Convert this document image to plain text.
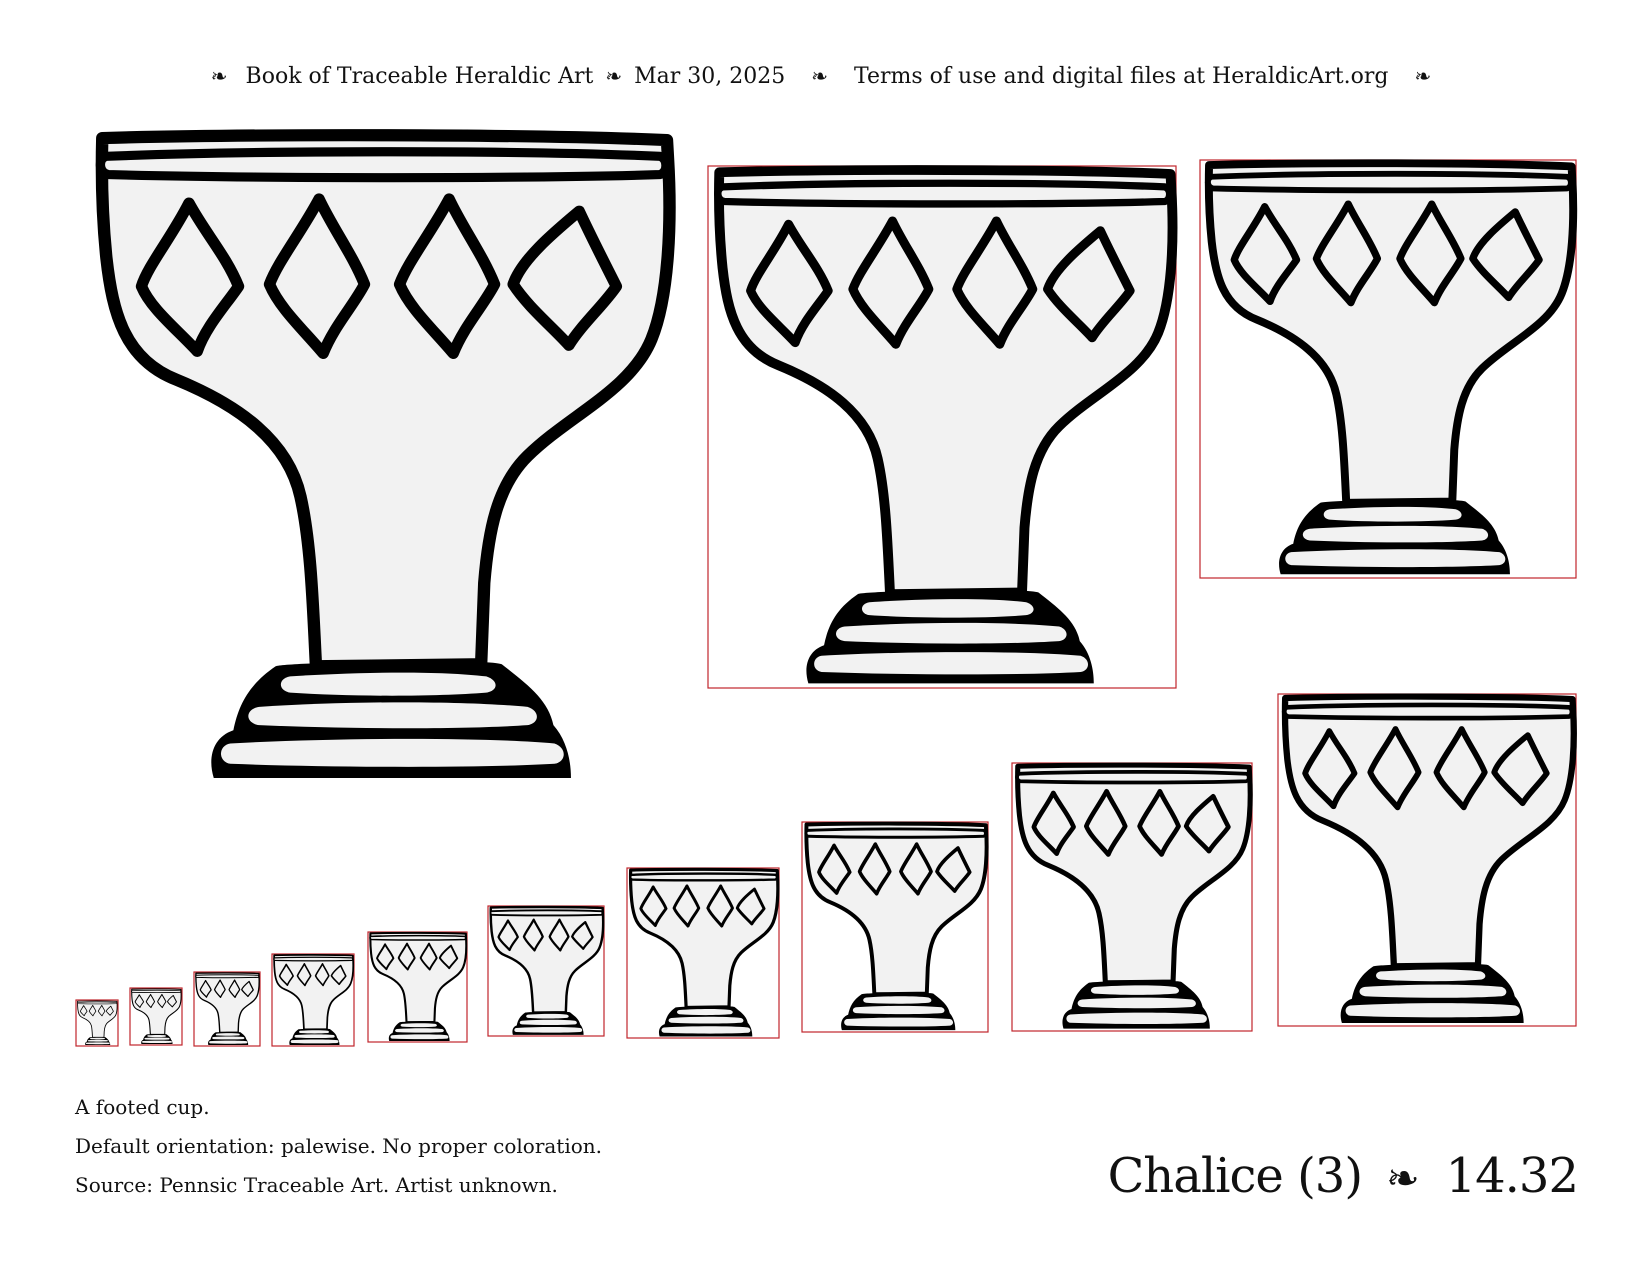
❧ Book of Traceable Heraldic Art ❧ Mar 30, 2025 ❧ Terms of use and digital files at HeraldicArt.org ❧
A footed cup.
Default orientation: palewise. No proper coloration.
Source: Pennsic Traceable Art. Artist unknown.	Chalice (3) ❧ 14.32
